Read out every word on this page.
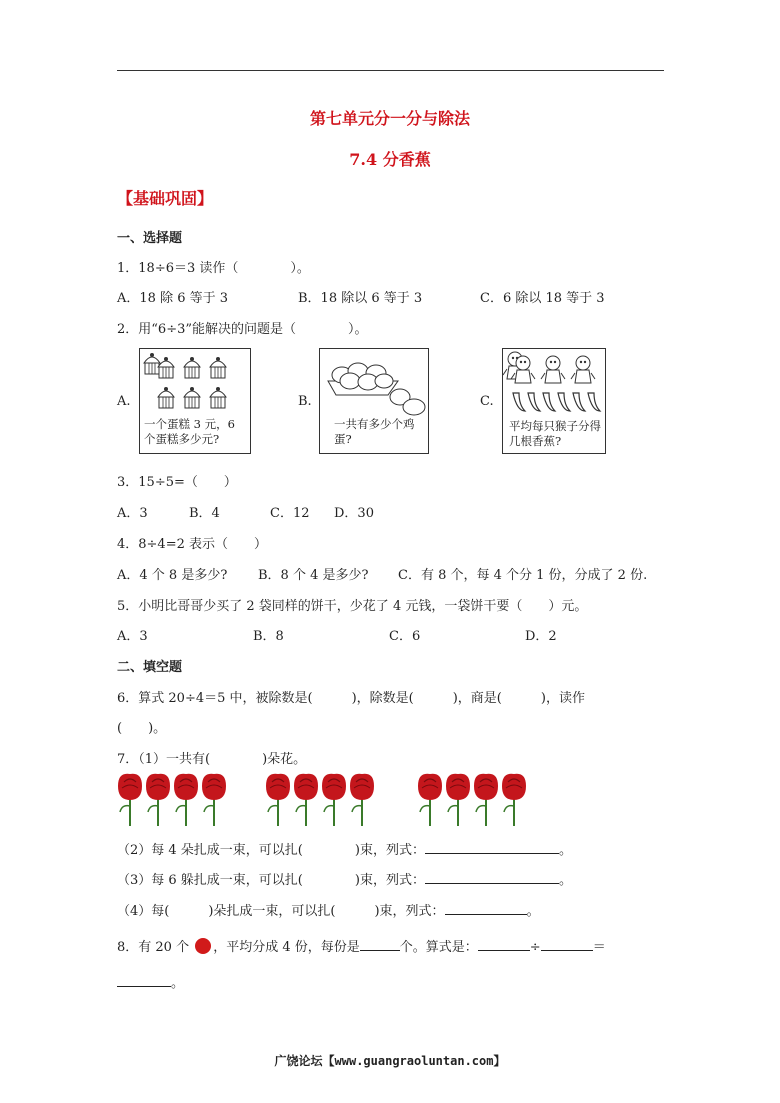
第七单元分一分与除法
7.4 分香蕉
【基础巩固】
一、选择题
1．18÷6＝3 读作（　　　　）。
A．18 除 6 等于 3	B．18 除以 6 等于 3	C．6 除以 18 等于 3
2．用“6÷3”能解决的问题是（　　　　）。
A.
一个蛋糕 3 元，6 个蛋糕多少元?
B.
一共有多少个鸡蛋?
C.
平均每只猴子分得几根香蕉?
3．15÷5=（　　）
A．3	B．4	C．12 D．30
4．8÷4=2 表示（　　）
A．4 个 8 是多少? B．8 个 4 是多少? C．有 8 个，每 4 个分 1 份，分成了 2 份.
5．小明比哥哥少买了 2 袋同样的饼干，少花了 4 元钱，一袋饼干要（　　）元。
A．3	B．8	C．6	D．2
二、填空题
6．算式 20÷4＝5 中，被除数是(　　　)，除数是(　　　)，商是(　　　)，读作
(　　)。
7．（1）一共有(　　　　)朵花。
（2）每 4 朵扎成一束，可以扎(　　　　)束，列式：	。
（3）每 6 躲扎成一束，可以扎(　　　　)束，列式：	。
（4）每(　　　)朵扎成一束，可以扎(　　　)束，列式：	。
8．有 20 个 ，平均分成 4 份，每份是	个。算式是：	÷	＝
。
广饶论坛【www.guangraoluntan.com】
